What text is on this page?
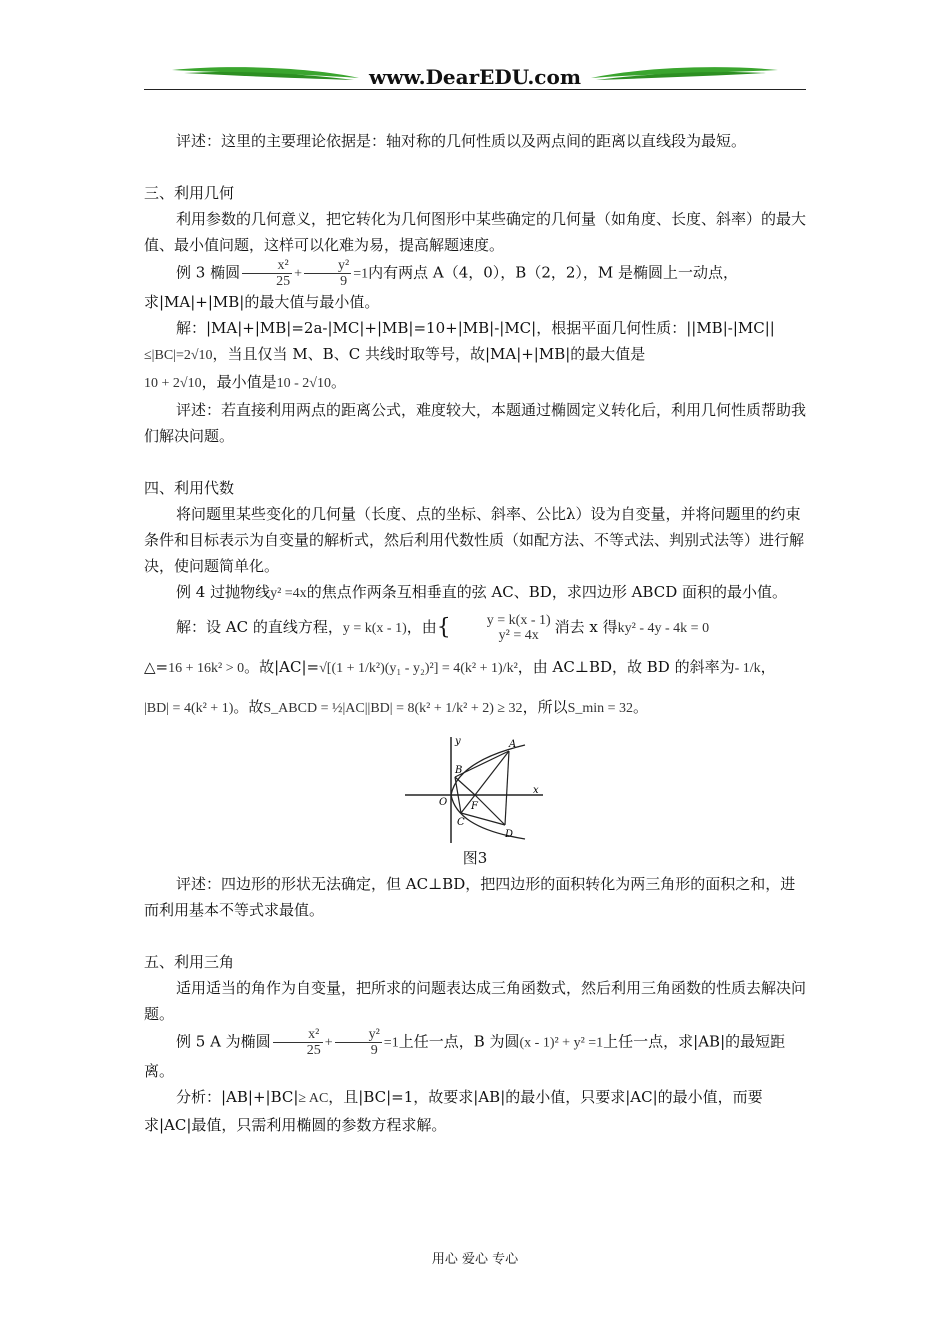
www.DearEDU.com

评述：这里的主要理论依据是：轴对称的几何性质以及两点间的距离以直线段为最短。

三、利用几何

利用参数的几何意义，把它转化为几何图形中某些确定的几何量（如角度、长度、斜率）的最大值、最小值问题，这样可以化难为易，提高解题速度。

例 3 椭圆 $\frac{\text{x²}}{25} + \frac{\text{y²}}{9} =1$内有两点 A（4，0），B（2，2），M 是椭圆上一动点，求|MA|+|MB|的最大值与最小值。

解：|MA|+|MB|=2a-|MC|+|MB|=10+|MB|-|MC|，根据平面几何性质：||MB|-|MC||

≤|BC|=2√10，当且仅当 M、B、C 共线时取等号，故|MA|+|MB|的最大值是

10 + 2√10，最小值是10 - 2√10。

评述：若直接利用两点的距离公式，难度较大，本题通过椭圆定义转化后，利用几何性质帮助我们解决问题。

四、利用代数

将问题里某些变化的几何量（长度、点的坐标、斜率、公比λ）设为自变量，并将问题里的约束条件和目标表示为自变量的解析式，然后利用代数性质（如配方法、不等式法、判别式法等）进行解决，使问题简单化。

例 4 过抛物线y² =4x的焦点作两条互相垂直的弦 AC、BD，求四边形 ABCD 面积的最小值。

解：设 AC 的直线方程，y = k(x - 1)，由{	y = k(x - 1)
y² = 4x	消去 x 得ky² - 4y - 4k = 0

△=16 + 16k² > 0。故|AC|=√[(1 + 1/k²)(y₁ - y₂)²] = 4(k² + 1)/k²，由 AC⊥BD，故 BD 的斜率为- 1/k，

|BD| = 4(k² + 1)。故S_ABCD = ½|AC||BD| = 8(k² + 1/k² + 2) ≥ 32，所以S_min = 32。

y
x
O
A
B
C
D
F

图3

评述：四边形的形状无法确定，但 AC⊥BD，把四边形的面积转化为两三角形的面积之和，进而利用基本不等式求最值。

五、利用三角

适用适当的角作为自变量，把所求的问题表达成三角函数式，然后利用三角函数的性质去解决问题。

例 5 A 为椭圆 $\frac{\text{x²}}{25} + \frac{\text{y²}}{9} =1$上任一点，B 为圆(x - 1)² + y² =1上任一点，求|AB|的最短距离。

分析：|AB|+|BC|≥ AC，且|BC|=1，故要求|AB|的最小值，只要求|AC|的最小值，而要求|AC|最值，只需利用椭圆的参数方程求解。

用心 爱心 专心
